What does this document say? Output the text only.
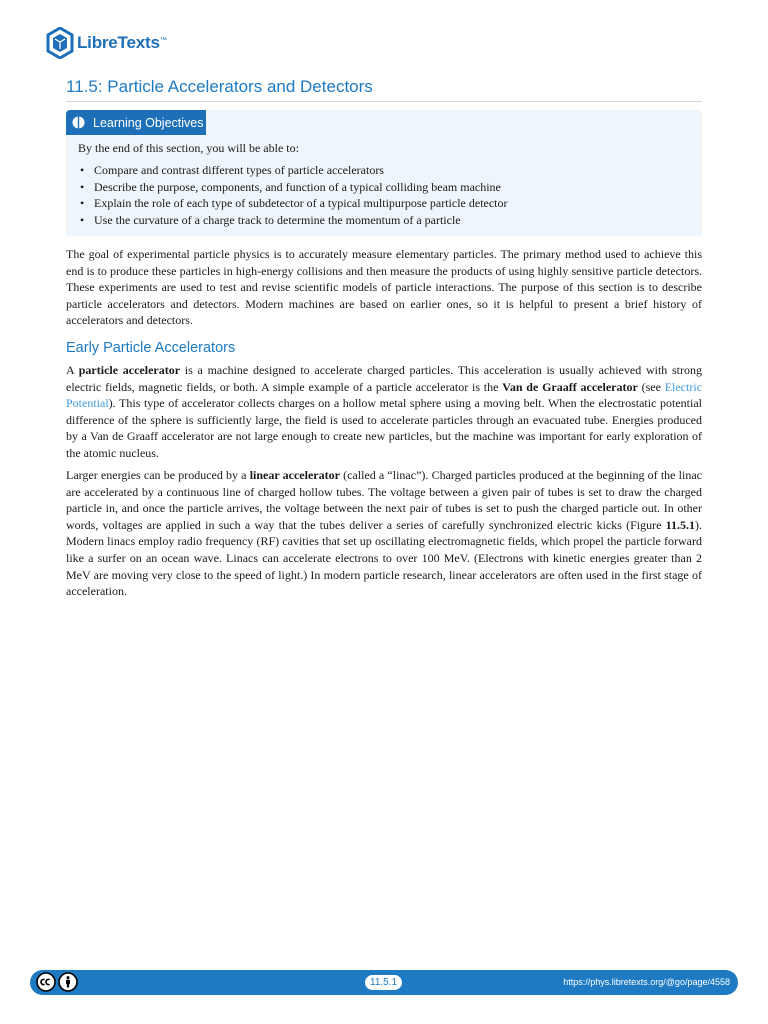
LibreTexts™
11.5: Particle Accelerators and Detectors
Learning Objectives

By the end of this section, you will be able to:

• Compare and contrast different types of particle accelerators
• Describe the purpose, components, and function of a typical colliding beam machine
• Explain the role of each type of subdetector of a typical multipurpose particle detector
• Use the curvature of a charge track to determine the momentum of a particle

The goal of experimental particle physics is to accurately measure elementary particles. The primary method used to achieve this end is to produce these particles in high-energy collisions and then measure the products of using highly sensitive particle detectors. These experiments are used to test and revise scientific models of particle interactions. The purpose of this section is to describe particle accelerators and detectors. Modern machines are based on earlier ones, so it is helpful to present a brief history of accelerators and detectors.

Early Particle Accelerators

A particle accelerator is a machine designed to accelerate charged particles. This acceleration is usually achieved with strong electric fields, magnetic fields, or both. A simple example of a particle accelerator is the Van de Graaff accelerator (see Electric Potential). This type of accelerator collects charges on a hollow metal sphere using a moving belt. When the electrostatic potential difference of the sphere is sufficiently large, the field is used to accelerate particles through an evacuated tube. Energies produced by a Van de Graaff accelerator are not large enough to create new particles, but the machine was important for early exploration of the atomic nucleus.

Larger energies can be produced by a linear accelerator (called a “linac”). Charged particles produced at the beginning of the linac are accelerated by a continuous line of charged hollow tubes. The voltage between a given pair of tubes is set to draw the charged particle in, and once the particle arrives, the voltage between the next pair of tubes is set to push the charged particle out. In other words, voltages are applied in such a way that the tubes deliver a series of carefully synchronized electric kicks (Figure 11.5.1). Modern linacs employ radio frequency (RF) cavities that set up oscillating electromagnetic fields, which propel the particle forward like a surfer on an ocean wave. Linacs can accelerate electrons to over 100 MeV. (Electrons with kinetic energies greater than 2 MeV are moving very close to the speed of light.) In modern particle research, linear accelerators are often used in the first stage of acceleration.

11.5.1	https://phys.libretexts.org/@go/page/4558
